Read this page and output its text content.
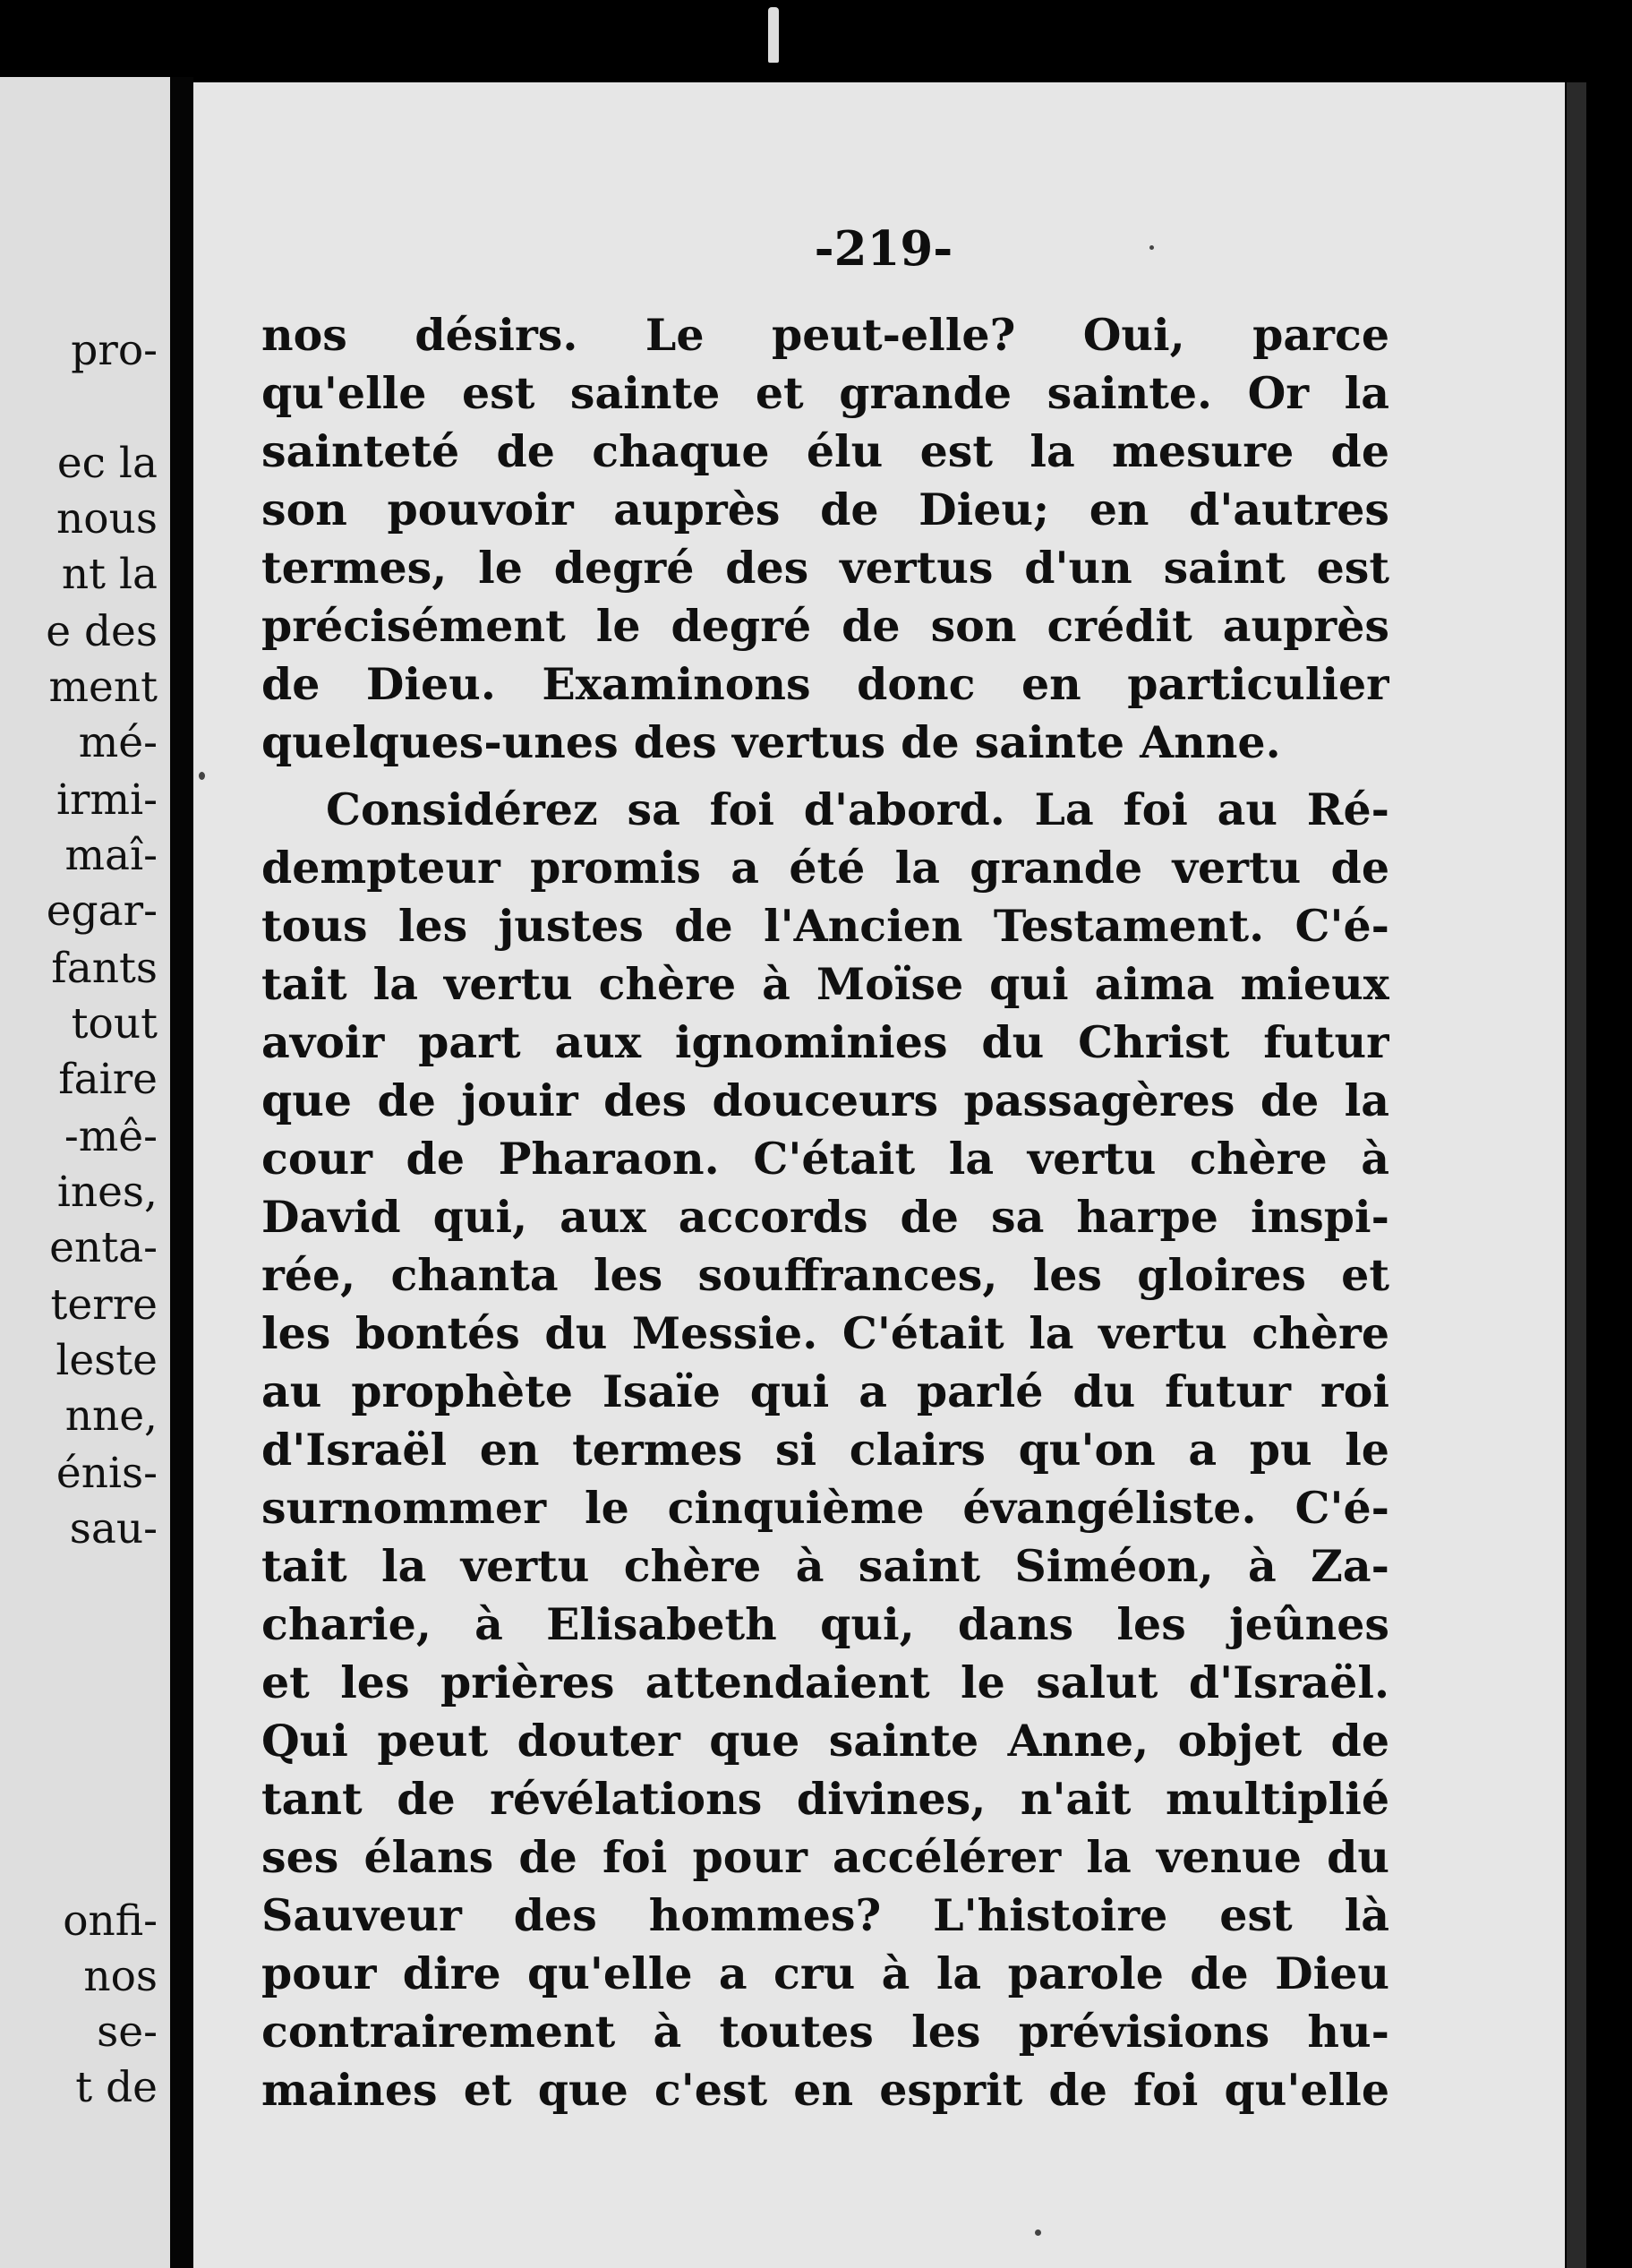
pro-
ec la
nous
nt la
e des
ment
mé-
irmi-
maî-
egar-
fants
tout
faire
-mê-
ines,
enta-
terre
leste
nne,
énis-
sau-
onfi-
nos
se-
t de
-219-
nos désirs. Le peut-elle? Oui, parce
qu'elle est sainte et grande sainte. Or la
sainteté de chaque élu est la mesure de
son pouvoir auprès de Dieu; en d'autres
termes, le degré des vertus d'un saint est
précisément le degré de son crédit auprès
de Dieu. Examinons donc en particulier
quelques-unes des vertus de sainte Anne.
Considérez sa foi d'abord. La foi au Ré-
dempteur promis a été la grande vertu de
tous les justes de l'Ancien Testament. C'é-
tait la vertu chère à Moïse qui aima mieux
avoir part aux ignominies du Christ futur
que de jouir des douceurs passagères de la
cour de Pharaon. C'était la vertu chère à
David qui, aux accords de sa harpe inspi-
rée, chanta les souffrances, les gloires et
les bontés du Messie. C'était la vertu chère
au prophète Isaïe qui a parlé du futur roi
d'Israël en termes si clairs qu'on a pu le
surnommer le cinquième évangéliste. C'é-
tait la vertu chère à saint Siméon, à Za-
charie, à Elisabeth qui, dans les jeûnes
et les prières attendaient le salut d'Israël.
Qui peut douter que sainte Anne, objet de
tant de révélations divines, n'ait multiplié
ses élans de foi pour accélérer la venue du
Sauveur des hommes? L'histoire est là
pour dire qu'elle a cru à la parole de Dieu
contrairement à toutes les prévisions hu-
maines et que c'est en esprit de foi qu'elle
